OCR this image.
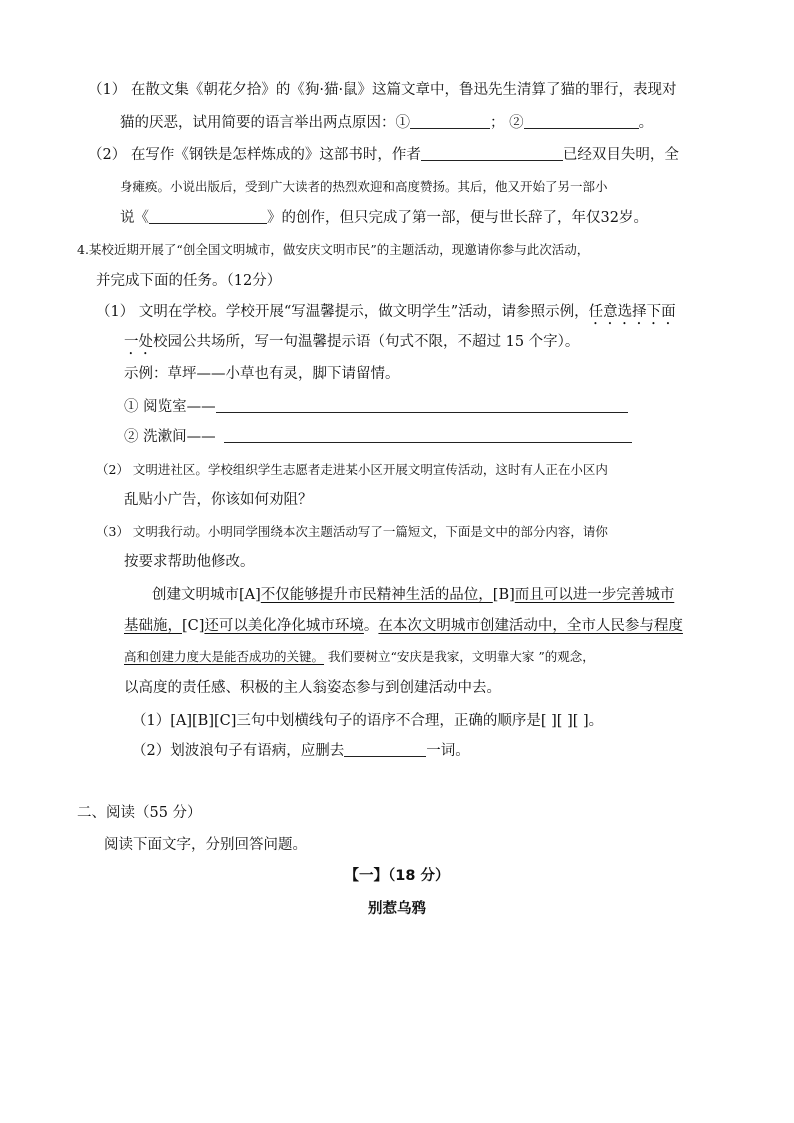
（1） 在散文集《朝花夕拾》的《狗·猫·鼠》这篇文章中，鲁迅先生清算了猫的罪行，表现对
猫的厌恶，试用简要的语言举出两点原因：①	； ②	。
（2） 在写作《钢铁是怎样炼成的》这部书时，作者	已经双目失明，全
身瘫痪。小说出版后，受到广大读者的热烈欢迎和高度赞扬。其后，他又开始了另一部小
说《	》的创作，但只完成了第一部，便与世长辞了，年仅32岁。
4.某校近期开展了“创全国文明城市，做安庆文明市民”的主题活动，现邀请你参与此次活动，
并完成下面的任务。（12分）
（1） 文明在学校。学校开展“写温馨提示，做文明学生”活动，请参照示例，任意选择下面
一处校园公共场所，写一句温馨提示语（句式不限，不超过 15 个字）。
示例：草坪——小草也有灵，脚下请留情。
① 阅览室——
② 洗漱间——
（2） 文明进社区。学校组织学生志愿者走进某小区开展文明宣传活动，这时有人正在小区内
乱贴小广告，你该如何劝阻？
（3） 文明我行动。小明同学围绕本次主题活动写了一篇短文，下面是文中的部分内容，请你
按要求帮助他修改。
创建文明城市[A]不仅能够提升市民精神生活的品位，[B]而且可以进一步完善城市
基础施，[C]还可以美化净化城市环境。在本次文明城市创建活动中，全市人民参与程度
高和创建力度大是能否成功的关键。 我们要树立“安庆是我家，文明靠大家 ”的观念，
以高度的责任感、积极的主人翁姿态参与到创建活动中去。
（1）[A][B][C]三句中划横线句子的语序不合理，正确的顺序是[ ][ ][ ]。
（2）划波浪句子有语病，应删去	一词。
二、阅读（55 分）
阅读下面文字，分别回答问题。
【一】（18 分）
别惹乌鸦
